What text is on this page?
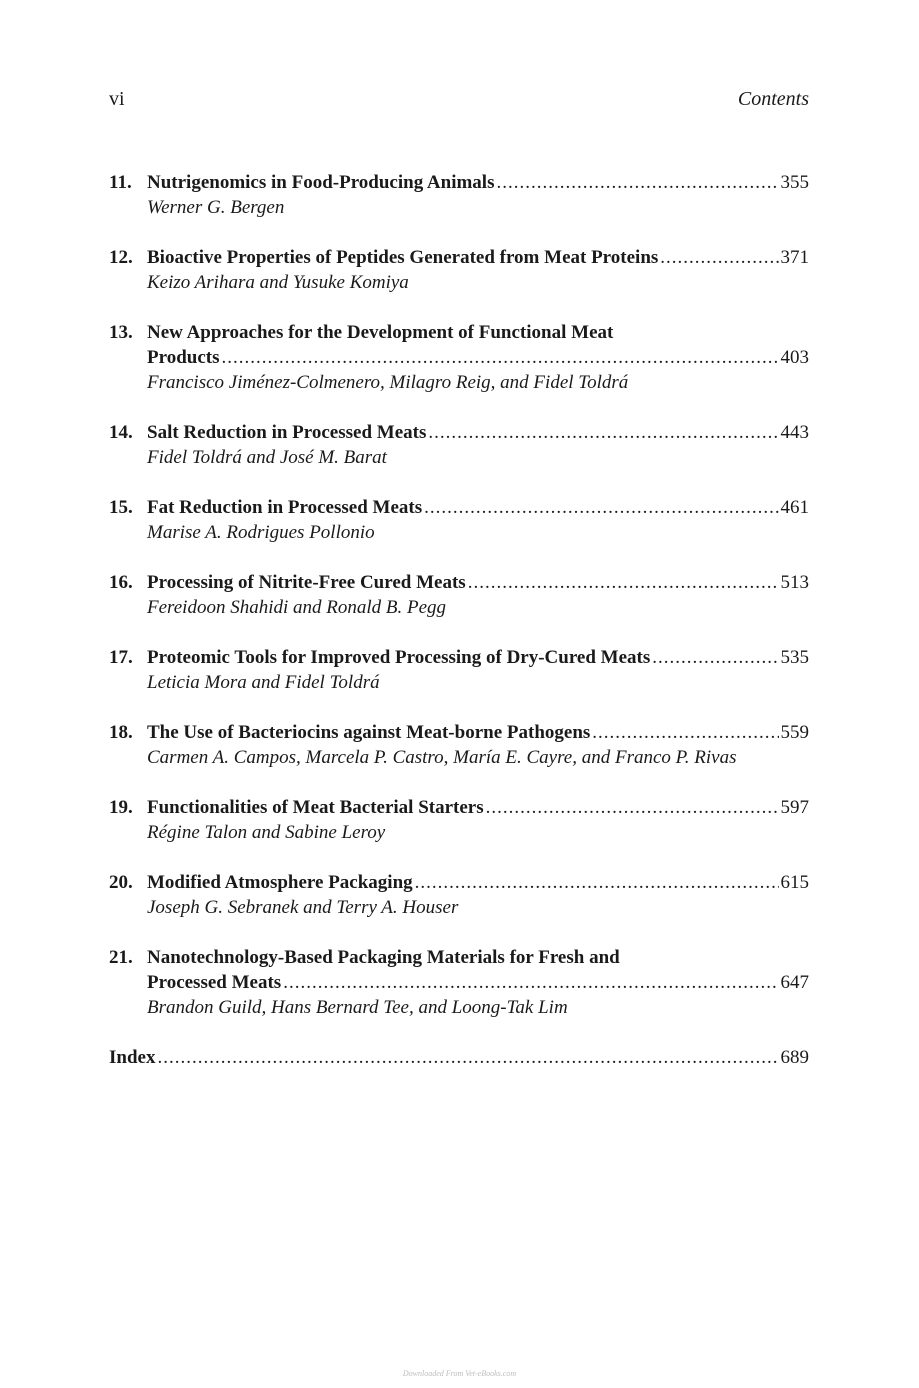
vi	Contents
11. Nutrigenomics in Food-Producing Animals .....	355
Werner G. Bergen
12. Bioactive Properties of Peptides Generated from Meat Proteins .....	371
Keizo Arihara and Yusuke Komiya
13. New Approaches for the Development of Functional Meat
Products .....	403
Francisco Jiménez-Colmenero, Milagro Reig, and Fidel Toldrá
14. Salt Reduction in Processed Meats .....	443
Fidel Toldrá and José M. Barat
15. Fat Reduction in Processed Meats .....	461
Marise A. Rodrigues Pollonio
16. Processing of Nitrite-Free Cured Meats .....	513
Fereidoon Shahidi and Ronald B. Pegg
17. Proteomic Tools for Improved Processing of Dry-Cured Meats .....	535
Leticia Mora and Fidel Toldrá
18. The Use of Bacteriocins against Meat-borne Pathogens .....	559
Carmen A. Campos, Marcela P. Castro, María E. Cayre, and Franco P. Rivas
19. Functionalities of Meat Bacterial Starters .....	597
Régine Talon and Sabine Leroy
20. Modified Atmosphere Packaging .....	615
Joseph G. Sebranek and Terry A. Houser
21. Nanotechnology-Based Packaging Materials for Fresh and
Processed Meats .....	647
Brandon Guild, Hans Bernard Tee, and Loong-Tak Lim
Index .....	689
Downloaded From Vet-eBooks.com
